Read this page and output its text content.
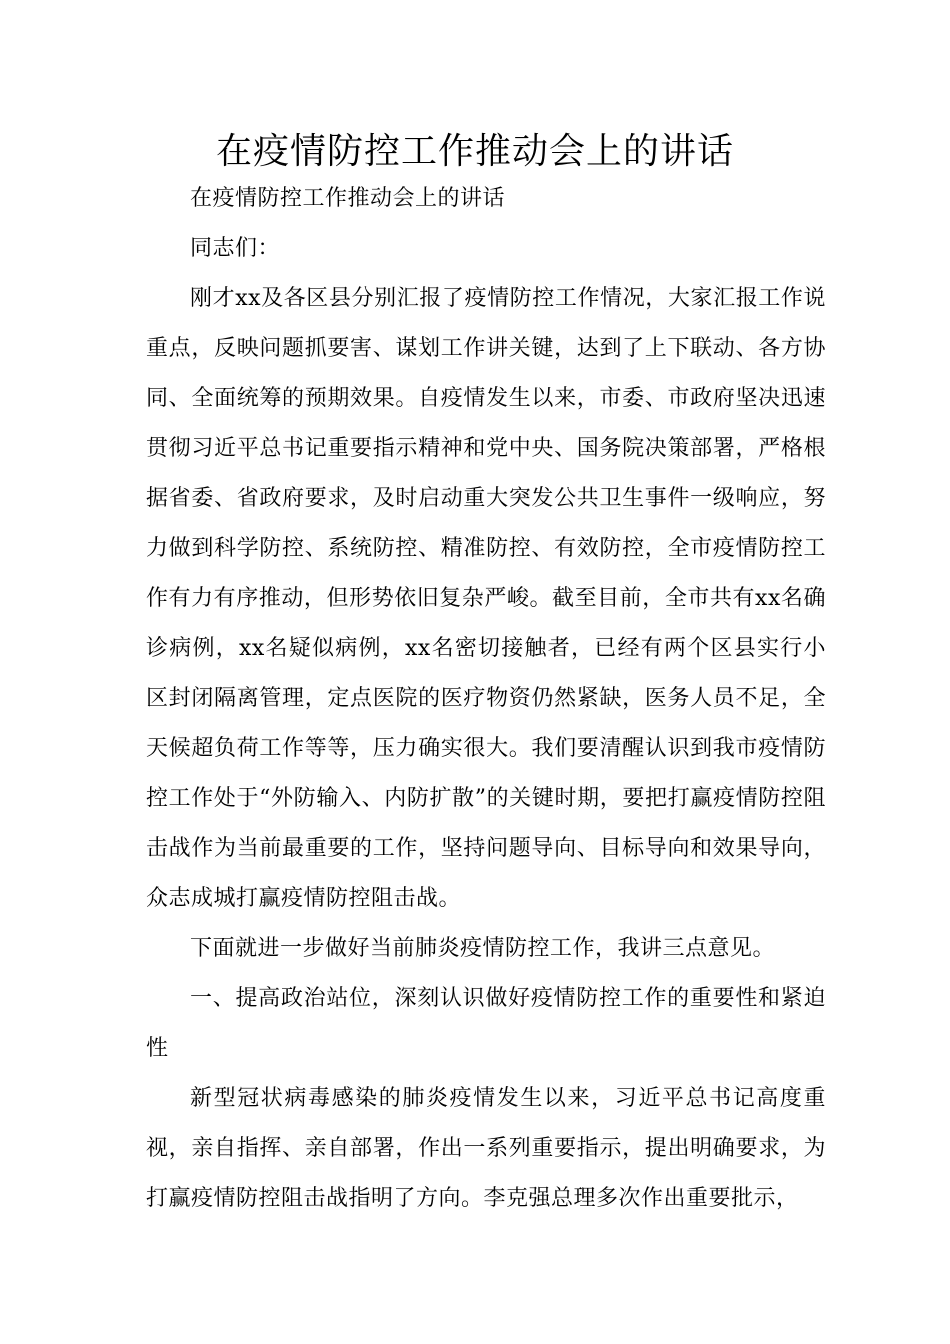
在疫情防控工作推动会上的讲话

在疫情防控工作推动会上的讲话

同志们：

刚才xx及各区县分别汇报了疫情防控工作情况，大家汇报工作说重点，反映问题抓要害、谋划工作讲关键，达到了上下联动、各方协同、全面统筹的预期效果。自疫情发生以来，市委、市政府坚决迅速贯彻习近平总书记重要指示精神和党中央、国务院决策部署，严格根据省委、省政府要求，及时启动重大突发公共卫生事件一级响应，努力做到科学防控、系统防控、精准防控、有效防控，全市疫情防控工作有力有序推动，但形势依旧复杂严峻。截至目前，全市共有xx名确诊病例，xx名疑似病例，xx名密切接触者，已经有两个区县实行小区封闭隔离管理，定点医院的医疗物资仍然紧缺，医务人员不足，全天候超负荷工作等等，压力确实很大。我们要清醒认识到我市疫情防控工作处于“外防输入、内防扩散”的关键时期，要把打赢疫情防控阻击战作为当前最重要的工作，坚持问题导向、目标导向和效果导向，众志成城打赢疫情防控阻击战。

下面就进一步做好当前肺炎疫情防控工作，我讲三点意见。

一、提高政治站位，深刻认识做好疫情防控工作的重要性和紧迫性

新型冠状病毒感染的肺炎疫情发生以来，习近平总书记高度重视，亲自指挥、亲自部署，作出一系列重要指示，提出明确要求，为打赢疫情防控阻击战指明了方向。李克强总理多次作出重要批示，
